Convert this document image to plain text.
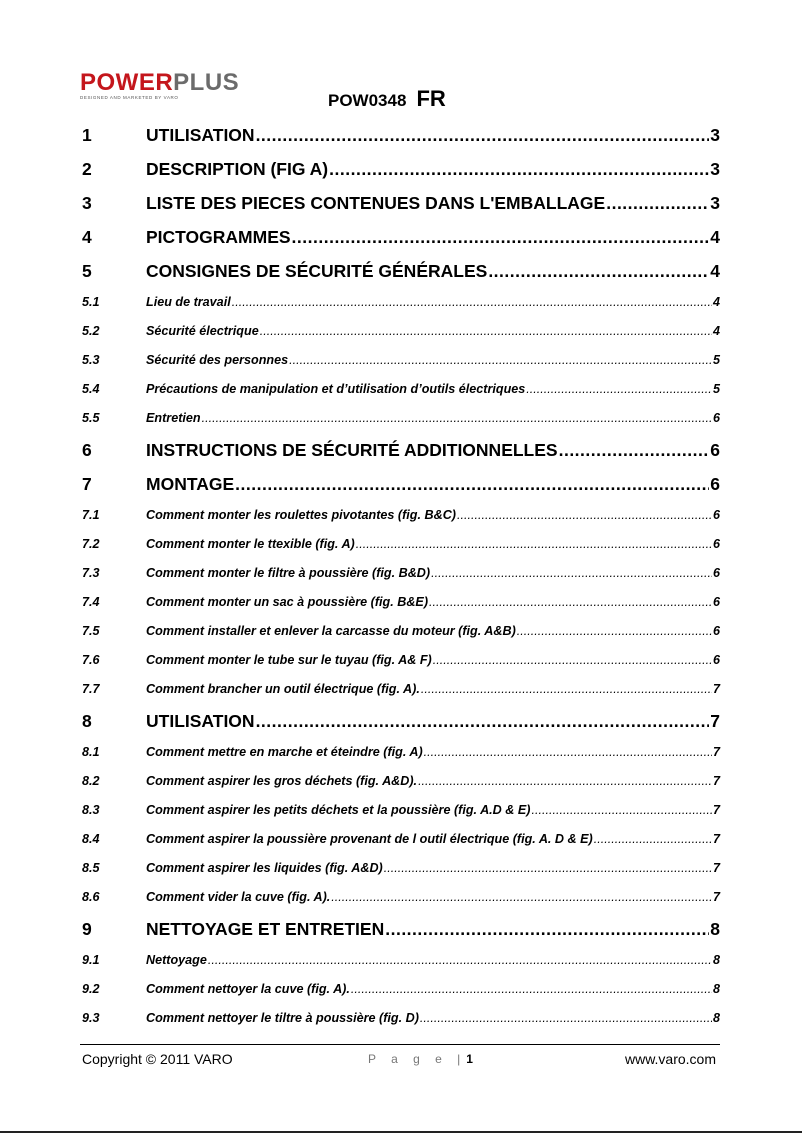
POWERPLUS
DESIGNED AND MARKETED BY VARO	POW0348 FR
1	UTILISATION .....	3
2	DESCRIPTION (FIG A) .....	3
3	LISTE DES PIECES CONTENUES DANS L'EMBALLAGE .....	3
4	PICTOGRAMMES .....	4
5	CONSIGNES DE SÉCURITÉ GÉNÉRALES .....	4
5.1	Lieu de travail .....	4
5.2	Sécurité électrique .....	4
5.3	Sécurité des personnes .....	5
5.4	Précautions de manipulation et d’utilisation d’outils électriques .....	5
5.5	Entretien .....	6
6	INSTRUCTIONS DE SÉCURITÉ ADDITIONNELLES .....	6
7	MONTAGE .....	6
7.1	Comment monter les roulettes pivotantes (fig. B&C) .....	6
7.2	Comment monter le ttexible (fig. A) .....	6
7.3	Comment monter le filtre à poussière (fig. B&D) .....	6
7.4	Comment monter un sac à poussière (fig. B&E) .....	6
7.5	Comment installer et enlever la carcasse du moteur (fig. A&B) .....	6
7.6	Comment monter le tube sur le tuyau (fig. A& F) .....	6
7.7	Comment brancher un outil électrique (fig. A). .....	7
8	UTILISATION .....	7
8.1	Comment mettre en marche et éteindre (fig. A) .....	7
8.2	Comment aspirer les gros déchets (fig. A&D). .....	7
8.3	Comment aspirer les petits déchets et la poussière (fig. A.D & E) .....	7
8.4	Comment aspirer la poussière provenant de l outil électrique (fig. A. D & E) .....	7
8.5	Comment aspirer les liquides (fig. A&D) .....	7
8.6	Comment vider la cuve (fig. A). .....	7
9	NETTOYAGE ET ENTRETIEN .....	8
9.1	Nettoyage .....	8
9.2	Comment nettoyer la cuve (fig. A). .....	8
9.3	Comment nettoyer le tiltre à poussière (fig. D) .....	8
Copyright © 2011 VARO	P a g e |1	www.varo.com
